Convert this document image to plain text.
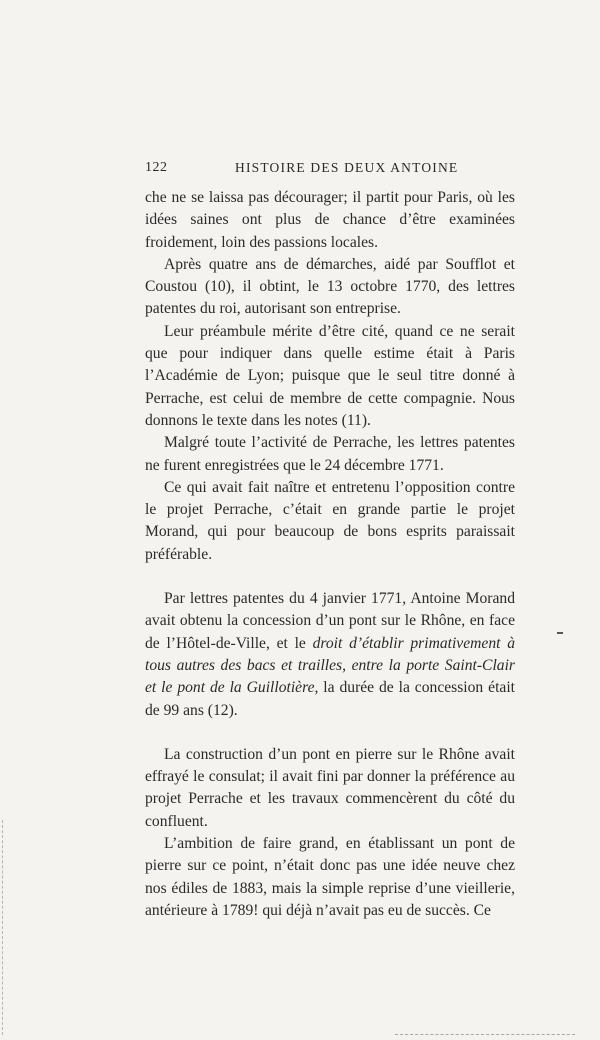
122	HISTOIRE DES DEUX ANTOINE

che ne se laissa pas décourager; il partit pour Paris, où les idées saines ont plus de chance d’être examinées froidement, loin des passions locales.

Après quatre ans de démarches, aidé par Soufflot et Coustou (10), il obtint, le 13 octobre 1770, des lettres patentes du roi, autorisant son entreprise.

Leur préambule mérite d’être cité, quand ce ne serait que pour indiquer dans quelle estime était à Paris l’Académie de Lyon; puisque que le seul titre donné à Perrache, est celui de membre de cette compagnie. Nous donnons le texte dans les notes (11).

Malgré toute l’activité de Perrache, les lettres patentes ne furent enregistrées que le 24 décembre 1771.

Ce qui avait fait naître et entretenu l’opposition contre le projet Perrache, c’était en grande partie le projet Morand, qui pour beaucoup de bons esprits paraissait préférable.

Par lettres patentes du 4 janvier 1771, Antoine Morand avait obtenu la concession d’un pont sur le Rhône, en face de l’Hôtel-de-Ville, et le droit d’établir primativement à tous autres des bacs et trailles, entre la porte Saint-Clair et le pont de la Guillotière, la durée de la concession était de 99 ans (12).

La construction d’un pont en pierre sur le Rhône avait effrayé le consulat; il avait fini par donner la préférence au projet Perrache et les travaux commencèrent du côté du confluent.

L’ambition de faire grand, en établissant un pont de pierre sur ce point, n’était donc pas une idée neuve chez nos édiles de 1883, mais la simple reprise d’une vieillerie, antérieure à 1789! qui déjà n’avait pas eu de succès. Ce
